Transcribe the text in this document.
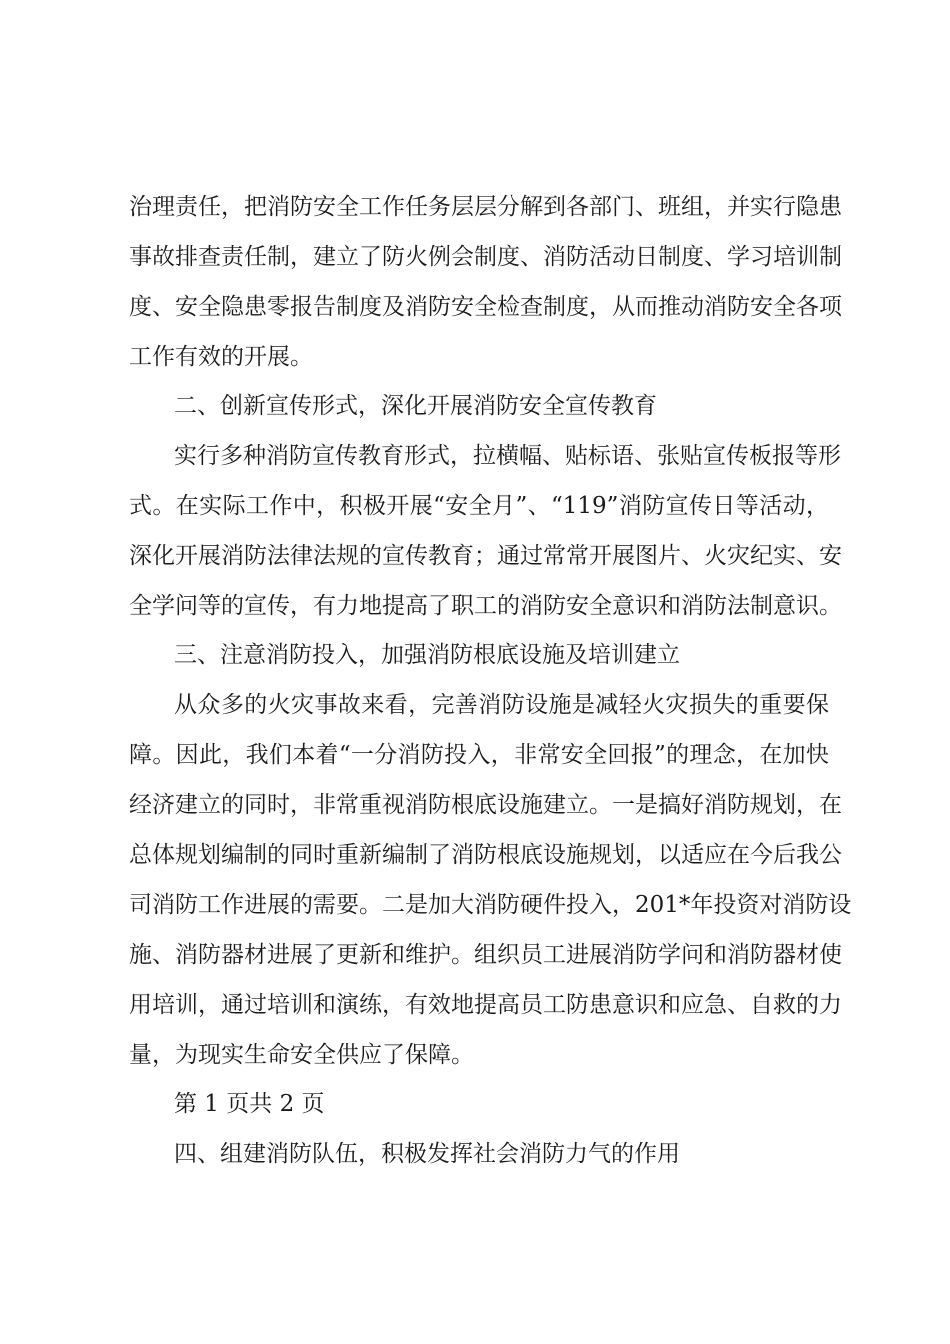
治理责任，把消防安全工作任务层层分解到各部门、班组，并实行隐患

事故排查责任制，建立了防火例会制度、消防活动日制度、学习培训制

度、安全隐患零报告制度及消防安全检查制度，从而推动消防安全各项

工作有效的开展。

二、创新宣传形式，深化开展消防安全宣传教育

实行多种消防宣传教育形式，拉横幅、贴标语、张贴宣传板报等形

式。在实际工作中，积极开展“安全月”、“119”消防宣传日等活动，

深化开展消防法律法规的宣传教育；通过常常开展图片、火灾纪实、安

全学问等的宣传，有力地提高了职工的消防安全意识和消防法制意识。

三、注意消防投入，加强消防根底设施及培训建立

从众多的火灾事故来看，完善消防设施是减轻火灾损失的重要保

障。因此，我们本着“一分消防投入，非常安全回报”的理念，在加快

经济建立的同时，非常重视消防根底设施建立。一是搞好消防规划，在

总体规划编制的同时重新编制了消防根底设施规划，以适应在今后我公

司消防工作进展的需要。二是加大消防硬件投入，201*年投资对消防设

施、消防器材进展了更新和维护。组织员工进展消防学问和消防器材使

用培训，通过培训和演练，有效地提高员工防患意识和应急、自救的力

量，为现实生命安全供应了保障。

第 1 页共 2 页

四、组建消防队伍，积极发挥社会消防力气的作用
